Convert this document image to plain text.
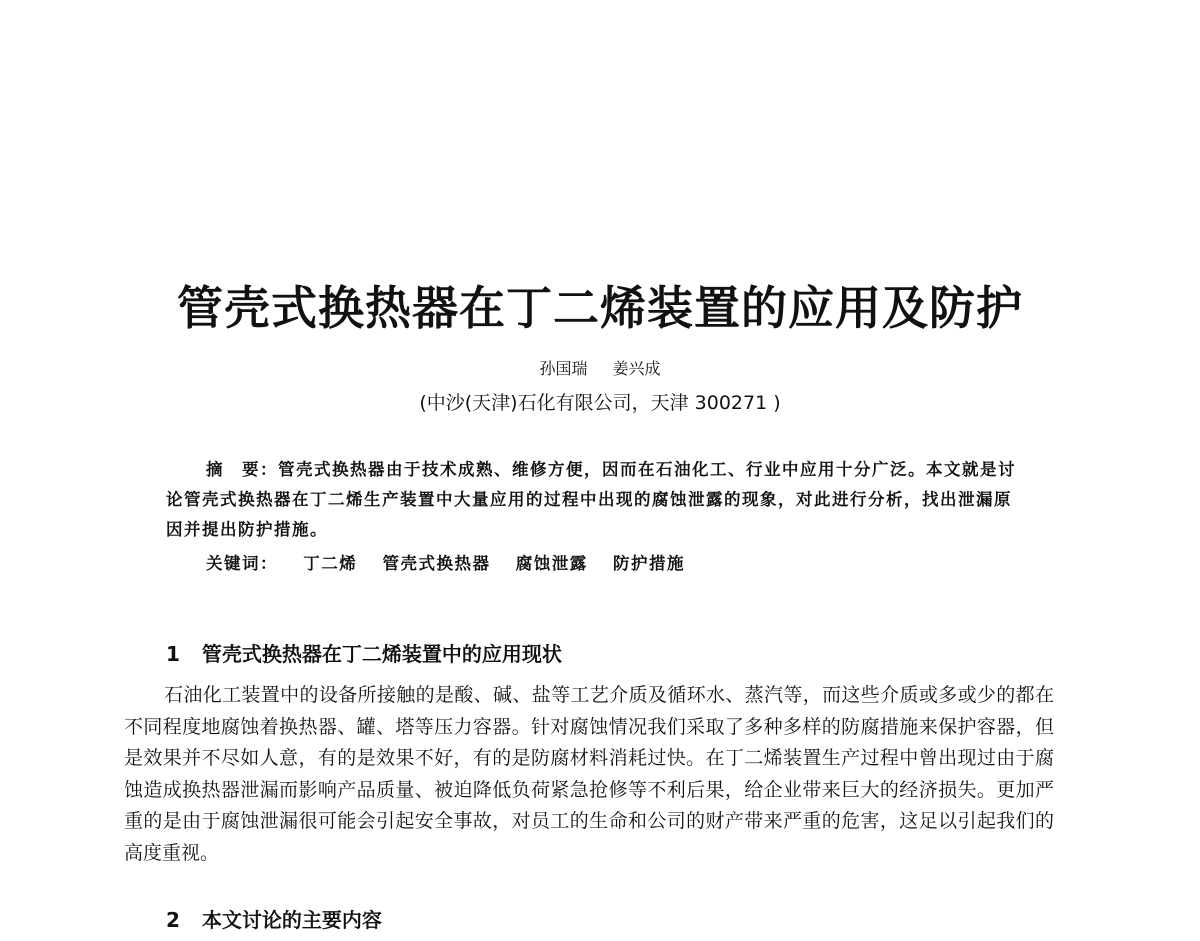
管壳式换热器在丁二烯装置的应用及防护

孙国瑞 姜兴成

(中沙(天津)石化有限公司，天津 300271 )

摘　要：管壳式换热器由于技术成熟、维修方便，因而在石油化工、行业中应用十分广泛。本文就是讨论管壳式换热器在丁二烯生产装置中大量应用的过程中出现的腐蚀泄露的现象，对此进行分析，找出泄漏原因并提出防护措施。

关键词： 丁二烯 管壳式换热器 腐蚀泄露 防护措施

1 管壳式换热器在丁二烯装置中的应用现状

石油化工装置中的设备所接触的是酸、碱、盐等工艺介质及循环水、蒸汽等，而这些介质或多或少的都在不同程度地腐蚀着换热器、罐、塔等压力容器。针对腐蚀情况我们采取了多种多样的防腐措施来保护容器，但是效果并不尽如人意，有的是效果不好，有的是防腐材料消耗过快。在丁二烯装置生产过程中曾出现过由于腐蚀造成换热器泄漏而影响产品质量、被迫降低负荷紧急抢修等不利后果，给企业带来巨大的经济损失。更加严重的是由于腐蚀泄漏很可能会引起安全事故，对员工的生命和公司的财产带来严重的危害，这足以引起我们的高度重视。

2 本文讨论的主要内容
